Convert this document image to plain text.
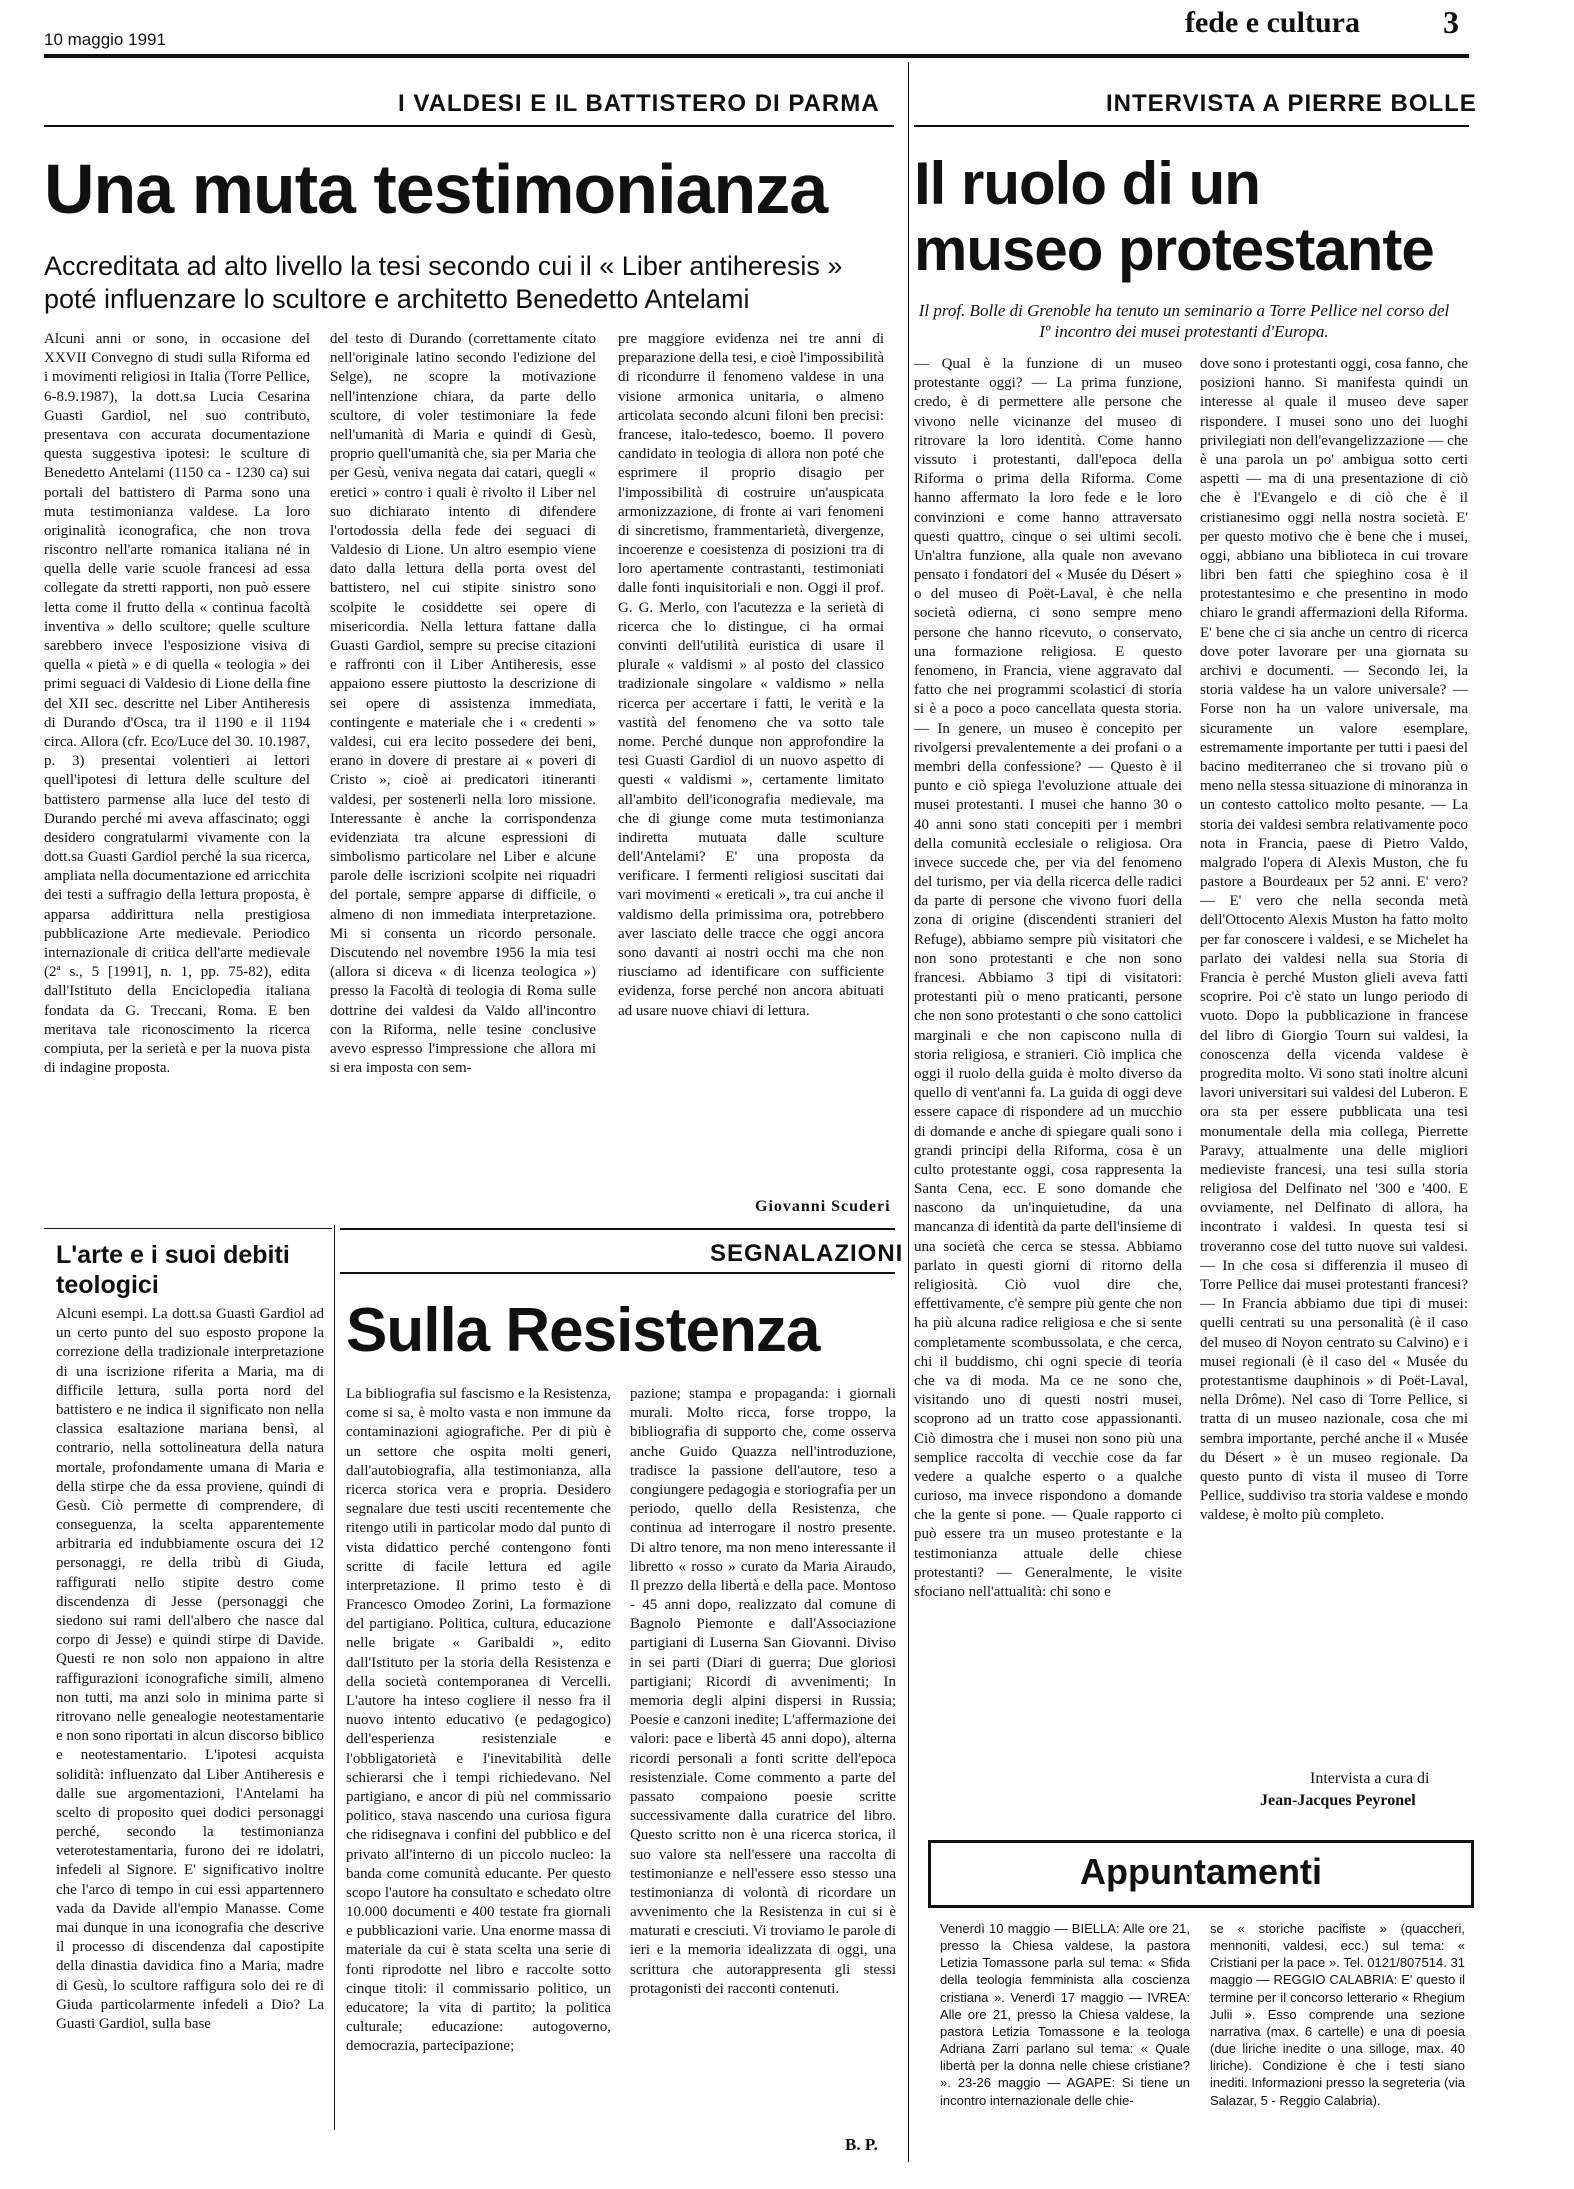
10 maggio 1991
fede e cultura	3
I VALDESI E IL BATTISTERO DI PARMA
Una muta testimonianza
Accreditata ad alto livello la tesi secondo cui il « Liber antiheresis » poté influenzare lo scultore e architetto Benedetto Antelami
Alcuni anni or sono, in occasione del XXVII Convegno di studi sulla Riforma ed i movimenti religiosi in Italia (Torre Pellice, 6-8.9.1987), la dott.sa Lucia Cesarina Guasti Gardiol, nel suo contributo, presentava con accurata documentazione questa suggestiva ipotesi: le sculture di Benedetto Antelami (1150 ca - 1230 ca) sui portali del battistero di Parma sono una muta testimonianza valdese. La loro originalità iconografica, che non trova riscontro nell'arte romanica italiana né in quella delle varie scuole francesi ad essa collegate da stretti rapporti, non può essere letta come il frutto della « continua facoltà inventiva » dello scultore; quelle sculture sarebbero invece l'esposizione visiva di quella « pietà » e di quella « teologia » dei primi seguaci di Valdesio di Lione della fine del XII sec. descritte nel Liber Antiheresis di Durando d'Osca, tra il 1190 e il 1194 circa. Allora (cfr. Eco/Luce del 30. 10.1987, p. 3) presentai volentieri ai lettori quell'ipotesi di lettura delle sculture del battistero parmense alla luce del testo di Durando perché mi aveva affascinato; oggi desidero congratularmi vivamente con la dott.sa Guasti Gardiol perché la sua ricerca, ampliata nella documentazione ed arricchita dei testi a suffragio della lettura proposta, è apparsa addirittura nella prestigiosa pubblicazione Arte medievale. Periodico internazionale di critica dell'arte medievale (2ª s., 5 [1991], n. 1, pp. 75-82), edita dall'Istituto della Enciclopedia italiana fondata da G. Treccani, Roma. E ben meritava tale riconoscimento la ricerca compiuta, per la serietà e per la nuova pista di indagine proposta.
del testo di Durando (correttamente citato nell'originale latino secondo l'edizione del Selge), ne scopre la motivazione nell'intenzione chiara, da parte dello scultore, di voler testimoniare la fede nell'umanità di Maria e quindi di Gesù, proprio quell'umanità che, sia per Maria che per Gesù, veniva negata dai catari, quegli « eretici » contro i quali è rivolto il Liber nel suo dichiarato intento di difendere l'ortodossia della fede dei seguaci di Valdesio di Lione. Un altro esempio viene dato dalla lettura della porta ovest del battistero, nel cui stipite sinistro sono scolpite le cosiddette sei opere di misericordia. Nella lettura fattane dalla Guasti Gardiol, sempre su precise citazioni e raffronti con il Liber Antiheresis, esse appaiono essere piuttosto la descrizione di sei opere di assistenza immediata, contingente e materiale che i « credenti » valdesi, cui era lecito possedere dei beni, erano in dovere di prestare ai « poveri di Cristo », cioè ai predicatori itineranti valdesi, per sostenerli nella loro missione. Interessante è anche la corrispondenza evidenziata tra alcune espressioni di simbolismo particolare nel Liber e alcune parole delle iscrizioni scolpite nei riquadri del portale, sempre apparse di difficile, o almeno di non immediata interpretazione. Mi si consenta un ricordo personale. Discutendo nel novembre 1956 la mia tesi (allora si diceva « di licenza teologica ») presso la Facoltà di teologia di Roma sulle dottrine dei valdesi da Valdo all'incontro con la Riforma, nelle tesine conclusive avevo espresso l'impressione che allora mi si era imposta con sem-
pre maggiore evidenza nei tre anni di preparazione della tesi, e cioè l'impossibilità di ricondurre il fenomeno valdese in una visione armonica unitaria, o almeno articolata secondo alcuni filoni ben precisi: francese, italo-tedesco, boemo. Il povero candidato in teologia di allora non poté che esprimere il proprio disagio per l'impossibilità di costruire un'auspicata armonizzazione, di fronte ai vari fenomeni di sincretismo, frammentarietà, divergenze, incoerenze e coesistenza di posizioni tra di loro apertamente contrastanti, testimoniati dalle fonti inquisitoriali e non. Oggi il prof. G. G. Merlo, con l'acutezza e la serietà di ricerca che lo distingue, ci ha ormai convinti dell'utilità euristica di usare il plurale « valdismi » al posto del classico tradizionale singolare « valdismo » nella ricerca per accertare i fatti, le verità e la vastità del fenomeno che va sotto tale nome. Perché dunque non approfondire la tesi Guasti Gardiol di un nuovo aspetto di questi « valdismi », certamente limitato all'ambito dell'iconografia medievale, ma che di giunge come muta testimonianza indiretta mutuata dalle sculture dell'Antelami? E' una proposta da verificare. I fermenti religiosi suscitati dai vari movimenti « ereticali », tra cui anche il valdismo della primissima ora, potrebbero aver lasciato delle tracce che oggi ancora sono davanti ai nostri occhi ma che non riusciamo ad identificare con sufficiente evidenza, forse perché non ancora abituati ad usare nuove chiavi di lettura.
Giovanni Scuderi
L'arte e i suoi debiti teologici
Alcuni esempi. La dott.sa Guasti Gardiol ad un certo punto del suo esposto propone la correzione della tradizionale interpretazione di una iscrizione riferita a Maria, ma di difficile lettura, sulla porta nord del battistero e ne indica il significato non nella classica esaltazione mariana bensì, al contrario, nella sottolineatura della natura mortale, profondamente umana di Maria e della stirpe che da essa proviene, quindi di Gesù. Ciò permette di comprendere, di conseguenza, la scelta apparentemente arbitraria ed indubbiamente oscura dei 12 personaggi, re della tribù di Giuda, raffigurati nello stipite destro come discendenza di Jesse (personaggi che siedono sui rami dell'albero che nasce dal corpo di Jesse) e quindi stirpe di Davide. Questi re non solo non appaiono in altre raffigurazioni iconografiche simili, almeno non tutti, ma anzi solo in minima parte si ritrovano nelle genealogie neotestamentarie e non sono riportati in alcun discorso biblico e neotestamentario. L'ipotesi acquista solidità: influenzato dal Liber Antiheresis e dalle sue argomentazioni, l'Antelami ha scelto di proposito quei dodici personaggi perché, secondo la testimonianza veterotestamentaria, furono dei re idolatri, infedeli al Signore. E' significativo inoltre che l'arco di tempo in cui essi appartennero vada da Davide all'empio Manasse. Come mai dunque in una iconografia che descrive il processo di discendenza dal capostipite della dinastia davidica fino a Maria, madre di Gesù, lo scultore raffigura solo dei re di Giuda particolarmente infedeli a Dio? La Guasti Gardiol, sulla base
SEGNALAZIONI
Sulla Resistenza
La bibliografia sul fascismo e la Resistenza, come si sa, è molto vasta e non immune da contaminazioni agiografiche. Per di più è un settore che ospita molti generi, dall'autobiografia, alla testimonianza, alla ricerca storica vera e propria. Desidero segnalare due testi usciti recentemente che ritengo utili in particolar modo dal punto di vista didattico perché contengono fonti scritte di facile lettura ed agile interpretazione. Il primo testo è di Francesco Omodeo Zorini, La formazione del partigiano. Politica, cultura, educazione nelle brigate « Garibaldi », edito dall'Istituto per la storia della Resistenza e della società contemporanea di Vercelli. L'autore ha inteso cogliere il nesso fra il nuovo intento educativo (e pedagogico) dell'esperienza resistenziale e l'obbligatorietà e l'inevitabilità delle schierarsi che i tempi richiedevano. Nel partigiano, e ancor di più nel commissario politico, stava nascendo una curiosa figura che ridisegnava i confini del pubblico e del privato all'interno di un piccolo nucleo: la banda come comunità educante. Per questo scopo l'autore ha consultato e schedato oltre 10.000 documenti e 400 testate fra giornali e pubblicazioni varie. Una enorme massa di materiale da cui è stata scelta una serie di fonti riprodotte nel libro e raccolte sotto cinque titoli: il commissario politico, un educatore; la vita di partito; la politica culturale; educazione: autogoverno, democrazia, partecipazione;
pazione; stampa e propaganda: i giornali murali. Molto ricca, forse troppo, la bibliografia di supporto che, come osserva anche Guido Quazza nell'introduzione, tradisce la passione dell'autore, teso a congiungere pedagogia e storiografia per un periodo, quello della Resistenza, che continua ad interrogare il nostro presente. Di altro tenore, ma non meno interessante il libretto « rosso » curato da Maria Airaudo, Il prezzo della libertà e della pace. Montoso - 45 anni dopo, realizzato dal comune di Bagnolo Piemonte e dall'Associazione partigiani di Luserna San Giovanni. Diviso in sei parti (Diari di guerra; Due gloriosi partigiani; Ricordi di avvenimenti; In memoria degli alpini dispersi in Russia; Poesie e canzoni inedite; L'affermazione dei valori: pace e libertà 45 anni dopo), alterna ricordi personali a fonti scritte dell'epoca resistenziale. Come commento a parte del passato compaiono poesie scritte successivamente dalla curatrice del libro. Questo scritto non è una ricerca storica, il suo valore sta nell'essere una raccolta di testimonianze e nell'essere esso stesso una testimonianza di volontà di ricordare un avvenimento che la Resistenza in cui si è maturati e cresciuti. Vi troviamo le parole di ieri e la memoria idealizzata di oggi, una scrittura che autorappresenta gli stessi protagonisti dei racconti contenuti.
B. P.
INTERVISTA A PIERRE BOLLE
Il ruolo di un
museo protestante
Il prof. Bolle di Grenoble ha tenuto un seminario a Torre Pellice nel corso del Iº incontro dei musei protestanti d'Europa.
— Qual è la funzione di un museo protestante oggi? — La prima funzione, credo, è di permettere alle persone che vivono nelle vicinanze del museo di ritrovare la loro identità. Come hanno vissuto i protestanti, dall'epoca della Riforma o prima della Riforma. Come hanno affermato la loro fede e le loro convinzioni e come hanno attraversato questi quattro, cinque o sei ultimi secoli. Un'altra funzione, alla quale non avevano pensato i fondatori del « Musée du Désert » o del museo di Poët-Laval, è che nella società odierna, ci sono sempre meno persone che hanno ricevuto, o conservato, una formazione religiosa. E questo fenomeno, in Francia, viene aggravato dal fatto che nei programmi scolastici di storia si è a poco a poco cancellata questa storia. — In genere, un museo è concepito per rivolgersi prevalentemente a dei profani o a membri della confessione? — Questo è il punto e ciò spiega l'evoluzione attuale dei musei protestanti. I musei che hanno 30 o 40 anni sono stati concepiti per i membri della comunità ecclesiale o religiosa. Ora invece succede che, per via del fenomeno del turismo, per via della ricerca delle radici da parte di persone che vivono fuori della zona di origine (discendenti stranieri del Refuge), abbiamo sempre più visitatori che non sono protestanti e che non sono francesi. Abbiamo 3 tipi di visitatori: protestanti più o meno praticanti, persone che non sono protestanti o che sono cattolici marginali e che non capiscono nulla di storia religiosa, e stranieri. Ciò implica che oggi il ruolo della guida è molto diverso da quello di vent'anni fa. La guida di oggi deve essere capace di rispondere ad un mucchio di domande e anche di spiegare quali sono i grandi principi della Riforma, cosa è un culto protestante oggi, cosa rappresenta la Santa Cena, ecc. E sono domande che nascono da un'inquietudine, da una mancanza di identità da parte dell'insieme di una società che cerca se stessa. Abbiamo parlato in questi giorni di ritorno della religiosità. Ciò vuol dire che, effettivamente, c'è sempre più gente che non ha più alcuna radice religiosa e che si sente completamente scombussolata, e che cerca, chi il buddismo, chi ogni specie di teoria che va di moda. Ma ce ne sono che, visitando uno di questi nostri musei, scoprono ad un tratto cose appassionanti. Ciò dimostra che i musei non sono più una semplice raccolta di vecchie cose da far vedere a qualche esperto o a qualche curioso, ma invece rispondono a domande che la gente si pone. — Quale rapporto ci può essere tra un museo protestante e la testimonianza attuale delle chiese protestanti? — Generalmente, le visite sfociano nell'attualità: chi sono e
dove sono i protestanti oggi, cosa fanno, che posizioni hanno. Si manifesta quindi un interesse al quale il museo deve saper rispondere. I musei sono uno dei luoghi privilegiati non dell'evangelizzazione — che è una parola un po' ambigua sotto certi aspetti — ma di una presentazione di ciò che è l'Evangelo e di ciò che è il cristianesimo oggi nella nostra società. E' per questo motivo che è bene che i musei, oggi, abbiano una biblioteca in cui trovare libri ben fatti che spieghino cosa è il protestantesimo e che presentino in modo chiaro le grandi affermazioni della Riforma. E' bene che ci sia anche un centro di ricerca dove poter lavorare per una giornata su archivi e documenti. — Secondo lei, la storia valdese ha un valore universale? — Forse non ha un valore universale, ma sicuramente un valore esemplare, estremamente importante per tutti i paesi del bacino mediterraneo che si trovano più o meno nella stessa situazione di minoranza in un contesto cattolico molto pesante. — La storia dei valdesi sembra relativamente poco nota in Francia, paese di Pietro Valdo, malgrado l'opera di Alexis Muston, che fu pastore a Bourdeaux per 52 anni. E' vero? — E' vero che nella seconda metà dell'Ottocento Alexis Muston ha fatto molto per far conoscere i valdesi, e se Michelet ha parlato dei valdesi nella sua Storia di Francia è perché Muston glieli aveva fatti scoprire. Poi c'è stato un lungo periodo di vuoto. Dopo la pubblicazione in francese del libro di Giorgio Tourn sui valdesi, la conoscenza della vicenda valdese è progredita molto. Vi sono stati inoltre alcuni lavori universitari sui valdesi del Luberon. E ora sta per essere pubblicata una tesi monumentale della mia collega, Pierrette Paravy, attualmente una delle migliori medieviste francesi, una tesi sulla storia religiosa del Delfinato nel '300 e '400. E ovviamente, nel Delfinato di allora, ha incontrato i valdesi. In questa tesi si troveranno cose del tutto nuove sui valdesi. — In che cosa si differenzia il museo di Torre Pellice dai musei protestanti francesi? — In Francia abbiamo due tipi di musei: quelli centrati su una personalità (è il caso del museo di Noyon centrato su Calvino) e i musei regionali (è il caso del « Musée du protestantisme dauphinois » di Poët-Laval, nella Drôme). Nel caso di Torre Pellice, si tratta di un museo nazionale, cosa che mi sembra importante, perché anche il « Musée du Désert » è un museo regionale. Da questo punto di vista il museo di Torre Pellice, suddiviso tra storia valdese e mondo valdese, è molto più completo.
Intervista a cura di
Jean-Jacques Peyronel
Appuntamenti
Venerdì 10 maggio — BIELLA: Alle ore 21, presso la Chiesa valdese, la pastora Letizia Tomassone parla sul tema: « Sfida della teologia femminista alla coscienza cristiana ». Venerdì 17 maggio — IVREA: Alle ore 21, presso la Chiesa valdese, la pastora Letizia Tomassone e la teologa Adriana Zarri parlano sul tema: « Quale libertà per la donna nelle chiese cristiane? ». 23-26 maggio — AGAPE: Si tiene un incontro internazionale delle chie-
se « storiche pacifiste » (quaccheri, mennoniti, valdesi, ecc.) sul tema: « Cristiani per la pace ». Tel. 0121/807514. 31 maggio — REGGIO CALABRIA: E' questo il termine per il concorso letterario « Rhegium Julii ». Esso comprende una sezione narrativa (max. 6 cartelle) e una di poesia (due liriche inedite o una silloge, max. 40 liriche). Condizione è che i testi siano inediti. Informazioni presso la segreteria (via Salazar, 5 - Reggio Calabria).
